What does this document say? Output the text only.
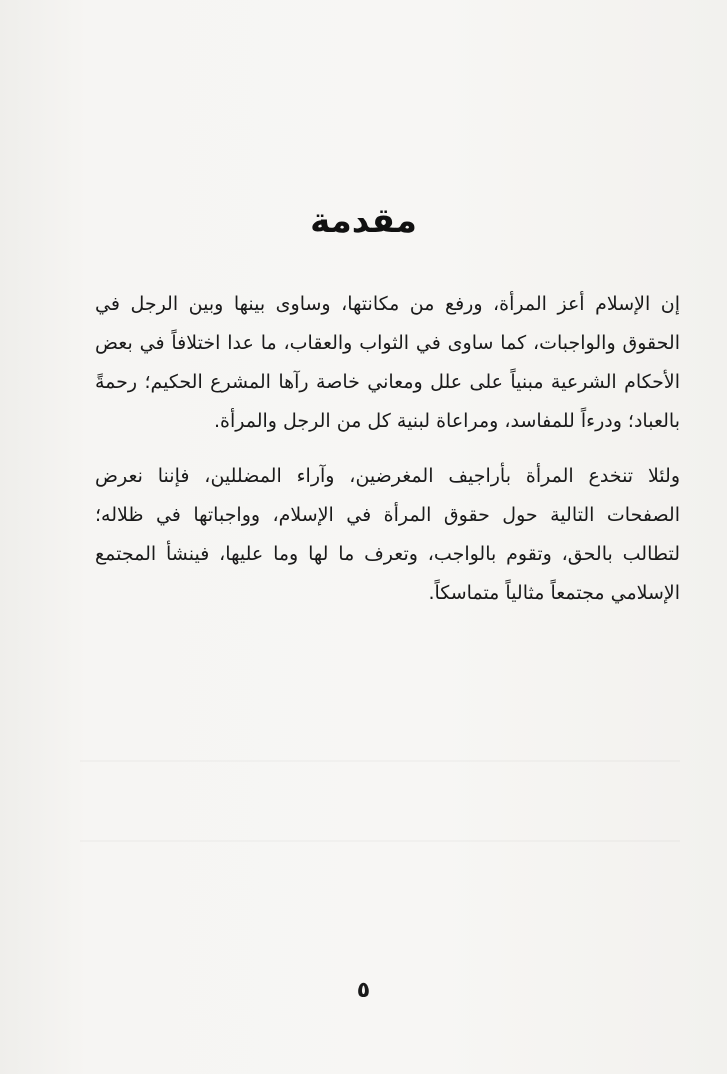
مقدمة

إن الإسلام أعز المرأة، ورفع من مكانتها، وساوى بينها وبين الرجل في الحقوق والواجبات، كما ساوى في الثواب والعقاب، ما عدا اختلافاً في بعض الأحكام الشرعية مبنياً على علل ومعاني خاصة رآها المشرع الحكيم؛ رحمةً بالعباد؛ ودرءاً للمفاسد، ومراعاة لبنية كل من الرجل والمرأة.

ولئلا تنخدع المرأة بأراجيف المغرضين، وآراء المضللين، فإننا نعرض الصفحات التالية حول حقوق المرأة في الإسلام، وواجباتها في ظلاله؛ لتطالب بالحق، وتقوم بالواجب، وتعرف ما لها وما عليها، فينشأ المجتمع الإسلامي مجتمعاً مثالياً متماسكاً.

٥
